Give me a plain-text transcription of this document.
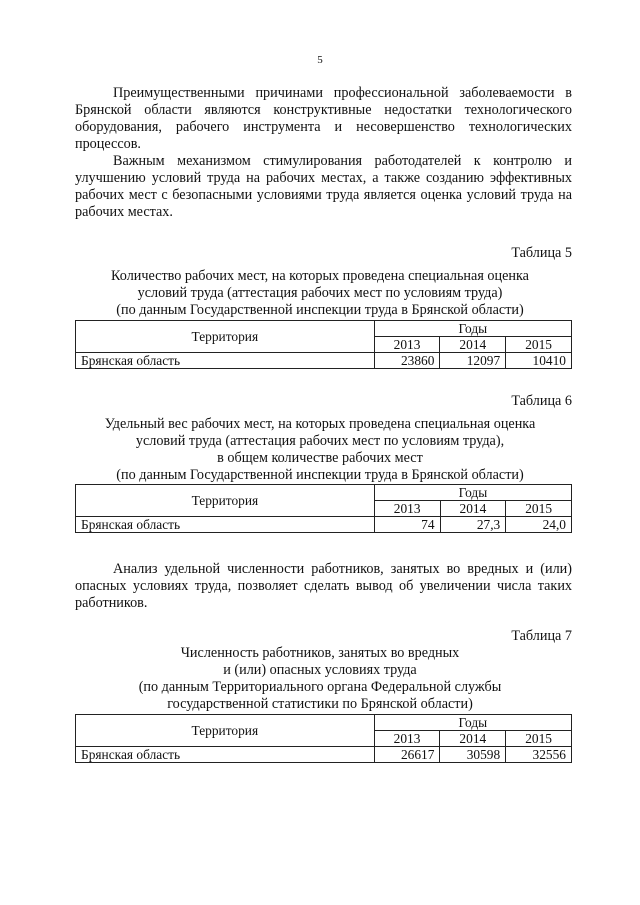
5

Преимущественными причинами профессиональной заболеваемости в Брянской области являются конструктивные недостатки технологического оборудования, рабочего инструмента и несовершенство технологических процессов.

Важным механизмом стимулирования работодателей к контролю и улучшению условий труда на рабочих местах, а также созданию эффективных рабочих мест с безопасными условиями труда является оценка условий труда на рабочих местах.

Таблица 5
Количество рабочих мест, на которых проведена специальная оценка
условий труда (аттестация рабочих мест по условиям труда)
(по данным Государственной инспекции труда в Брянской области)
Территория	Годы		
	2013	2014	2015
Брянская область	23860	12097	10410
Таблица 6
Удельный вес рабочих мест, на которых проведена специальная оценка
условий труда (аттестация рабочих мест по условиям труда),
в общем количестве рабочих мест
(по данным Государственной инспекции труда в Брянской области)
Территория	Годы		
	2013	2014	2015
Брянская область	74	27,3	24,0

Анализ удельной численности работников, занятых во вредных и (или) опасных условиях труда, позволяет сделать вывод об увеличении числа таких работников.

Таблица 7
Численность работников, занятых во вредных
и (или) опасных условиях труда
(по данным Территориального органа Федеральной службы
государственной статистики по Брянской области)
Территория	Годы		
	2013	2014	2015
Брянская область	26617	30598	32556
